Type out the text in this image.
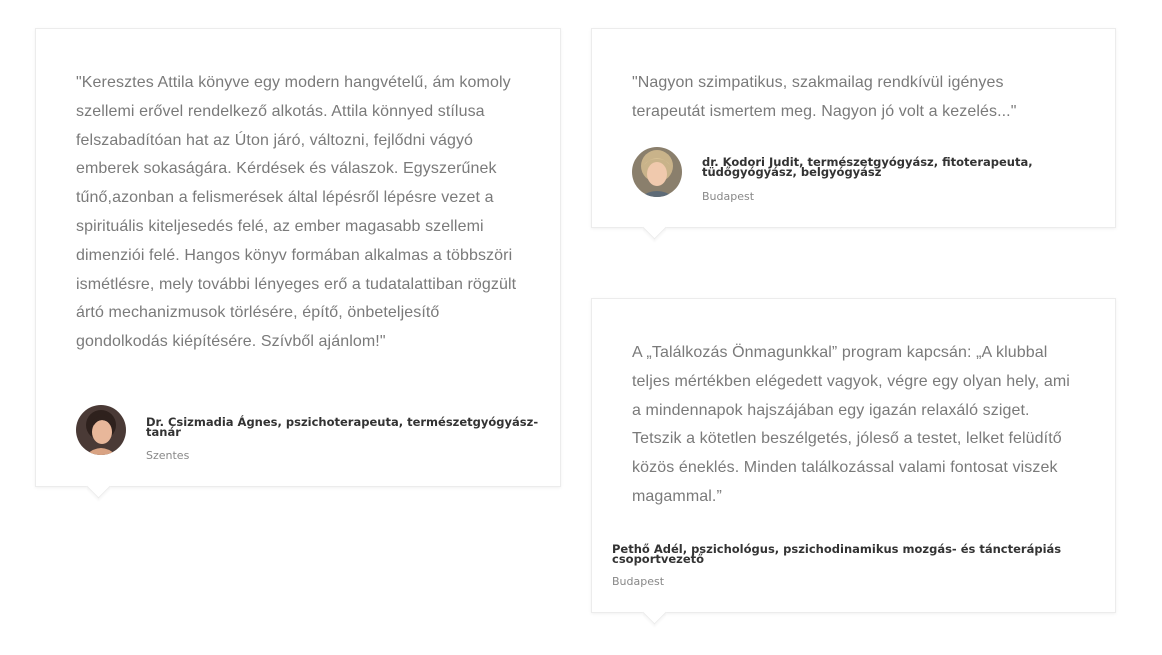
"Keresztes Attila könyve egy modern hangvételű, ám komoly szellemi erővel rendelkező alkotás. Attila könnyed stílusa felszabadítóan hat az Úton járó, változni, fejlődni vágyó emberek sokaságára. Kérdések és válaszok. Egyszerűnek tűnő,azonban a felismerések által lépésről lépésre vezet a spirituális kiteljesedés felé, az ember magasabb szellemi dimenziói felé. Hangos könyv formában alkalmas a többszöri ismétlésre, mely további lényeges erő a tudatalattiban rögzült ártó mechanizmusok törlésére, építő, önbeteljesítő gondolkodás kiépítésére. Szívből ajánlom!"

Dr. Csizmadia Ágnes, pszichoterapeuta, természetgyógyász-tanár

Szentes

"Nagyon szimpatikus, szakmailag rendkívül igényes terapeutát ismertem meg. Nagyon jó volt a kezelés..."

dr. Kodori Judit, természetgyógyász, fitoterapeuta, tüdőgyógyász, belgyógyász

Budapest

A „Találkozás Önmagunkkal” program kapcsán: „A klubbal teljes mértékben elégedett vagyok, végre egy olyan hely, ami a mindennapok hajszájában egy igazán relaxáló sziget. Tetszik a kötetlen beszélgetés, jóleső a testet, lelket felüdítő közös éneklés. Minden találkozással valami fontosat viszek magammal.”

Pethő Adél, pszichológus, pszichodinamikus mozgás- és táncterápiás csoportvezető

Budapest
